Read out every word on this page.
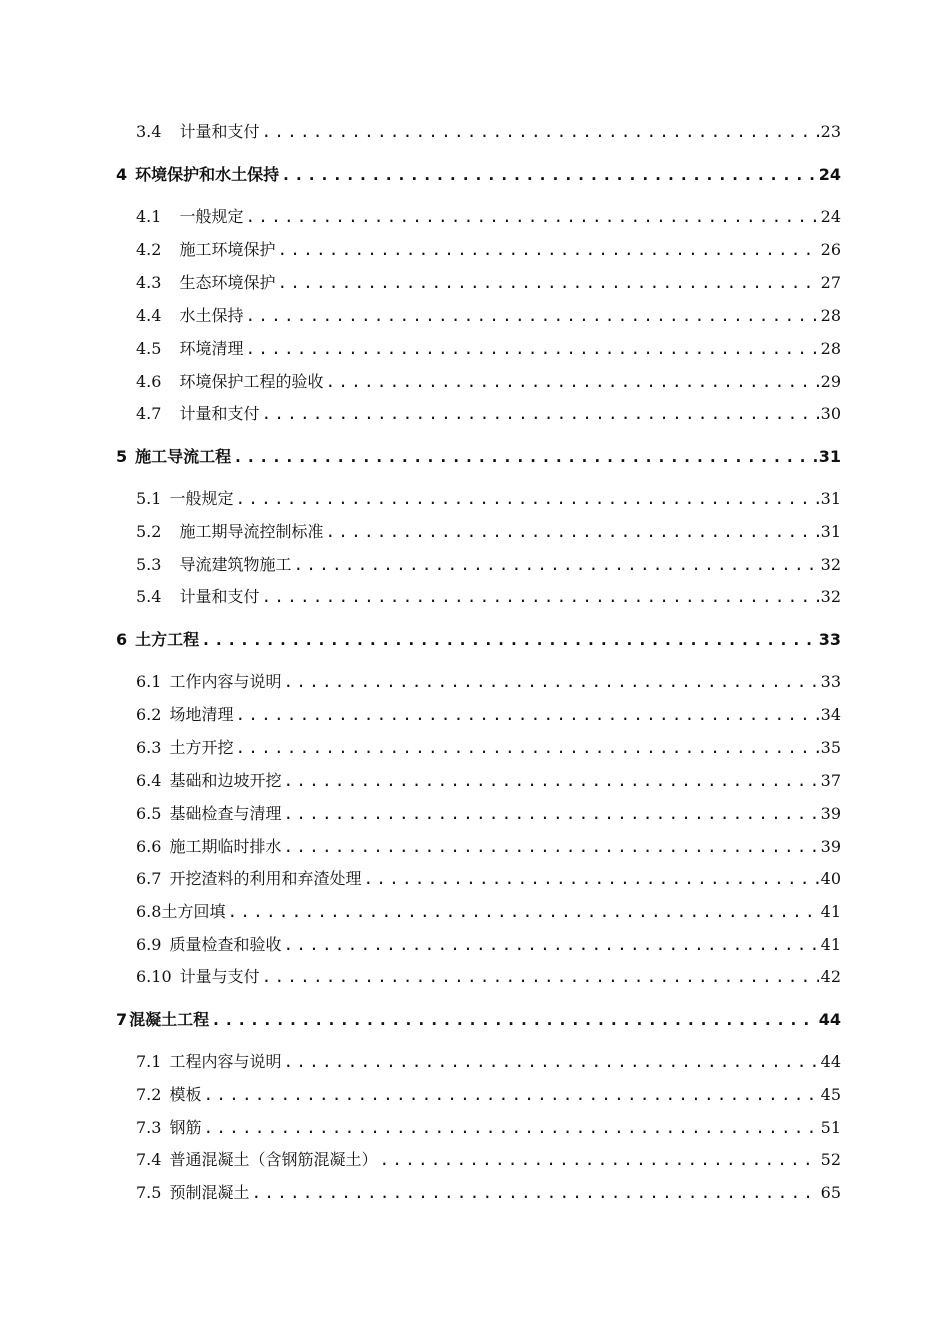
3.4 计量和支付 .....	23
4 环境保护和水土保持 .....	24
4.1 一般规定 .....	24
4.2 施工环境保护 .....	26
4.3 生态环境保护 .....	27
4.4 水土保持 .....	28
4.5 环境清理 .....	28
4.6 环境保护工程的验收 .....	29
4.7 计量和支付 .....	30
5 施工导流工程 .....	31
5.1 一般规定 .....	31
5.2 施工期导流控制标准 .....	31
5.3 导流建筑物施工 .....	32
5.4 计量和支付 .....	32
6 土方工程 .....	33
6.1 工作内容与说明 .....	33
6.2 场地清理 .....	34
6.3 土方开挖 .....	35
6.4 基础和边坡开挖 .....	37
6.5 基础检查与清理 .....	39
6.6 施工期临时排水 .....	39
6.7 开挖渣料的利用和弃渣处理 .....	40
6.8 土方回填 .....	41
6.9 质量检查和验收 .....	41
6.10 计量与支付 .....	42
7 混凝土工程 .....	44
7.1 工程内容与说明 .....	44
7.2 模板 .....	45
7.3 钢筋 .....	51
7.4 普通混凝土（含钢筋混凝土） .....	52
7.5 预制混凝土 .....	65
